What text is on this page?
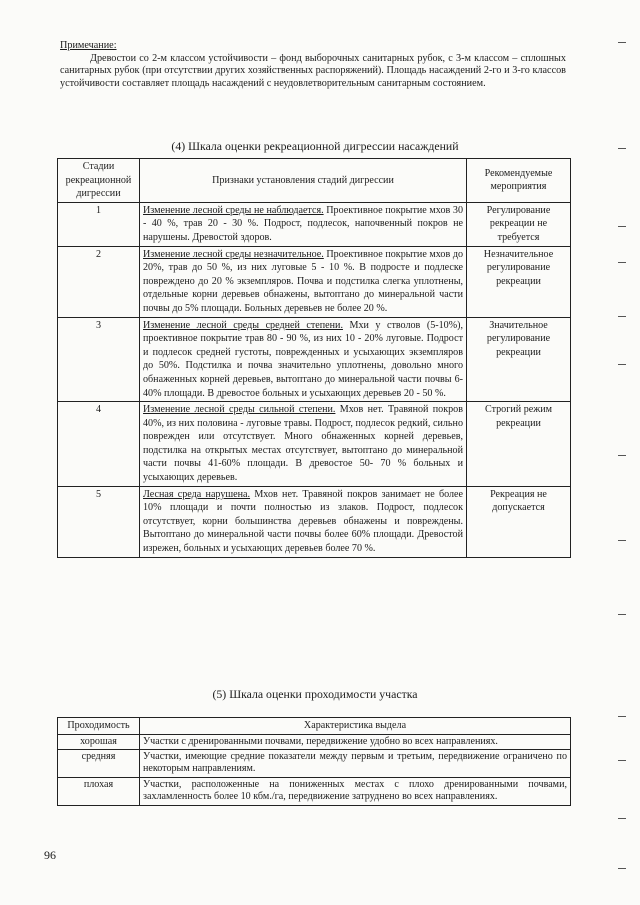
Примечание:
Древостои со 2-м классом устойчивости – фонд выборочных санитарных рубок, с 3-м классом – сплошных санитарных рубок (при отсутствии других хозяйственных распоряжений). Площадь насаждений 2-го и 3-го классов устойчивости составляет площадь насаждений с неудовлетворительным санитарным состоянием.
(4) Шкала оценки рекреационной дигрессии насаждений
Стадии рекреационной дигрессии	Признаки установления стадий дигрессии	Рекомендуемые мероприятия
1	Изменение лесной среды не наблюдается. Проективное покрытие мхов 30 - 40 %, трав 20 - 30 %. Подрост, подлесок, напочвенный покров не нарушены. Древостой здоров.	Регулирование рекреации не требуется
2	Изменение лесной среды незначительное. Проективное покрытие мхов до 20%, трав до 50 %, из них луговые 5 - 10 %. В подросте и подлеске повреждено до 20 % экземпляров. Почва и подстилка слегка уплотнены, отдельные корни деревьев обнажены, вытоптано до минеральной части почвы до 5% площади. Больных деревьев не более 20 %.	Незначительное регулирование рекреации
3	Изменение лесной среды средней степени. Мхи у стволов (5-10%), проективное покрытие трав 80 - 90 %, из них 10 - 20% луговые. Подрост и подлесок средней густоты, поврежденных и усыхающих экземпляров до 50%. Подстилка и почва значительно уплотнены, довольно много обнаженных корней деревьев, вытоптано до минеральной части почвы 6-40% площади. В древостое больных и усыхающих деревьев 20 - 50 %.	Значительное регулирование рекреации
4	Изменение лесной среды сильной степени. Мхов нет. Травяной покров 40%, из них половина - луговые травы. Подрост, подлесок редкий, сильно поврежден или отсутствует. Много обнаженных корней деревьев, подстилка на открытых местах отсутствует, вытоптано до минеральной части почвы 41-60% площади. В древостое 50- 70 % больных и усыхающих деревьев.	Строгий режим рекреации
5	Лесная среда нарушена. Мхов нет. Травяной покров занимает не более 10% площади и почти полностью из злаков. Подрост, подлесок отсутствует, корни большинства деревьев обнажены и повреждены. Вытоптано до минеральной части почвы более 60% площади. Древостой изрежен, больных и усыхающих деревьев более 70 %.	Рекреация не допускается
(5) Шкала оценки проходимости участка
Проходимость	Характеристика выдела
хорошая	Участки с дренированными почвами, передвижение удобно во всех направлениях.
средняя	Участки, имеющие средние показатели между первым и третьим, передвижение ограничено по некоторым направлениям.
плохая	Участки, расположенные на пониженных местах с плохо дренированными почвами, захламленность более 10 кбм./га, передвижение затруднено во всех направлениях.
96
